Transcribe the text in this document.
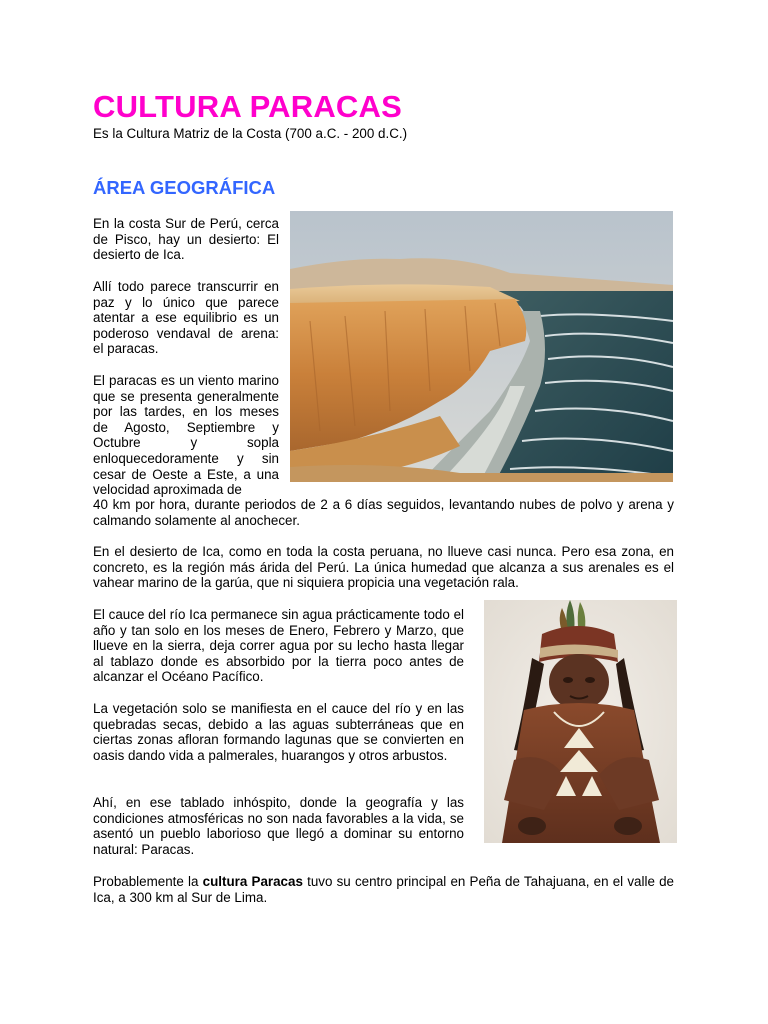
CULTURA PARACAS

Es la Cultura Matriz de la Costa (700 a.C. - 200 d.C.)

ÁREA GEOGRÁFICA

En la costa Sur de Perú, cerca de Pisco, hay un desierto: El desierto de Ica.

Allí todo parece transcurrir en paz y lo único que parece atentar a ese equilibrio es un poderoso vendaval de arena: el paracas.

El paracas es un viento marino que se presenta generalmente por las tardes, en los meses de Agosto, Septiembre y Octubre y sopla enloquecedoramente y sin cesar de Oeste a Este, a una velocidad aproximada de

40 km por hora, durante periodos de 2 a 6 días seguidos, levantando nubes de polvo y arena y calmando solamente al anochecer.

En el desierto de Ica, como en toda la costa peruana, no llueve casi nunca. Pero esa zona, en concreto, es la región más árida del Perú. La única humedad que alcanza a sus arenales es el vahear marino de la garúa, que ni siquiera propicia una vegetación rala.

El cauce del río Ica permanece sin agua prácticamente todo el año y tan solo en los meses de Enero, Febrero y Marzo, que llueve en la sierra, deja correr agua por su lecho hasta llegar al tablazo donde es absorbido por la tierra poco antes de alcanzar el Océano Pacífico.

La vegetación solo se manifiesta en el cauce del río y en las quebradas secas, debido a las aguas subterráneas que en ciertas zonas afloran formando lagunas que se convierten en oasis dando vida a palmerales, huarangos y otros arbustos.

Ahí, en ese tablado inhóspito, donde la geografía y las condiciones atmosféricas no son nada favorables a la vida, se asentó un pueblo laborioso que llegó a dominar su entorno natural: Paracas.

Probablemente la cultura Paracas tuvo su centro principal en Peña de Tahajuana, en el valle de Ica, a 300 km al Sur de Lima.
